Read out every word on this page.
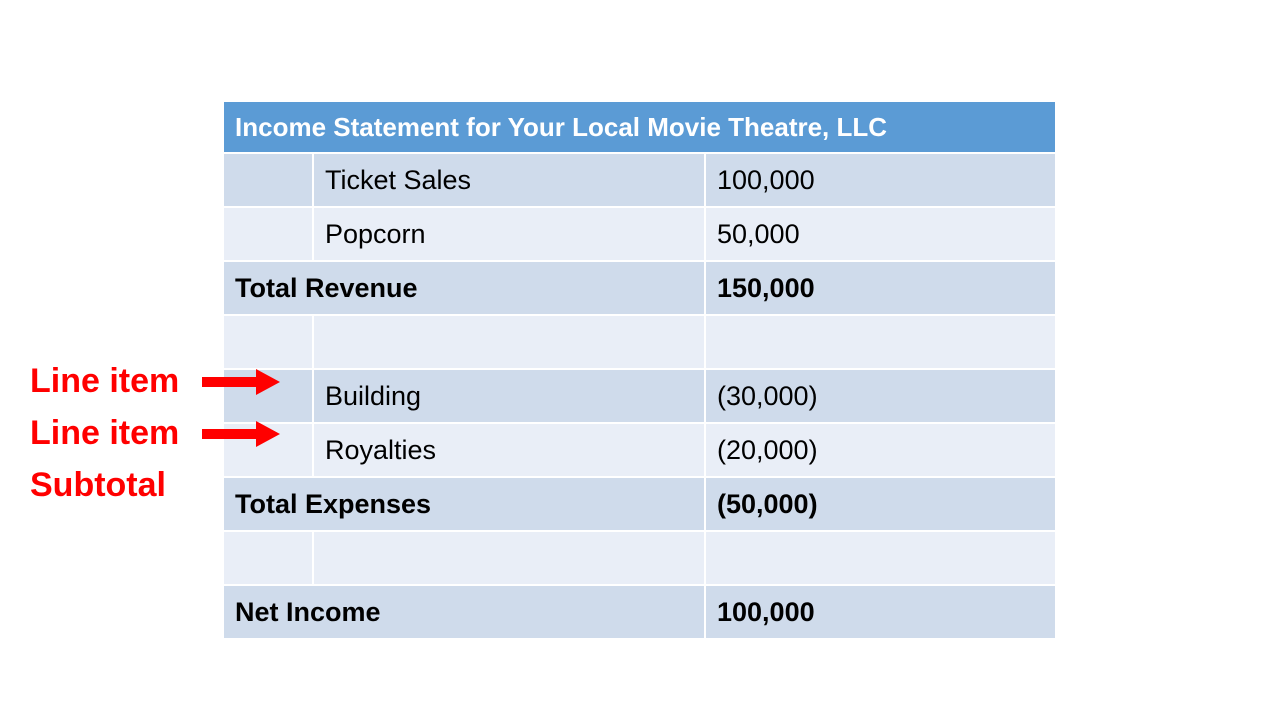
Income Statement for Your Local Movie Theatre, LLC		
	Ticket Sales	100,000
	Popcorn	50,000
Total Revenue		150,000

	Building	(30,000)
	Royalties	(20,000)
Total Expenses		(50,000)

Net Income		100,000
Line item
Line item
Subtotal
